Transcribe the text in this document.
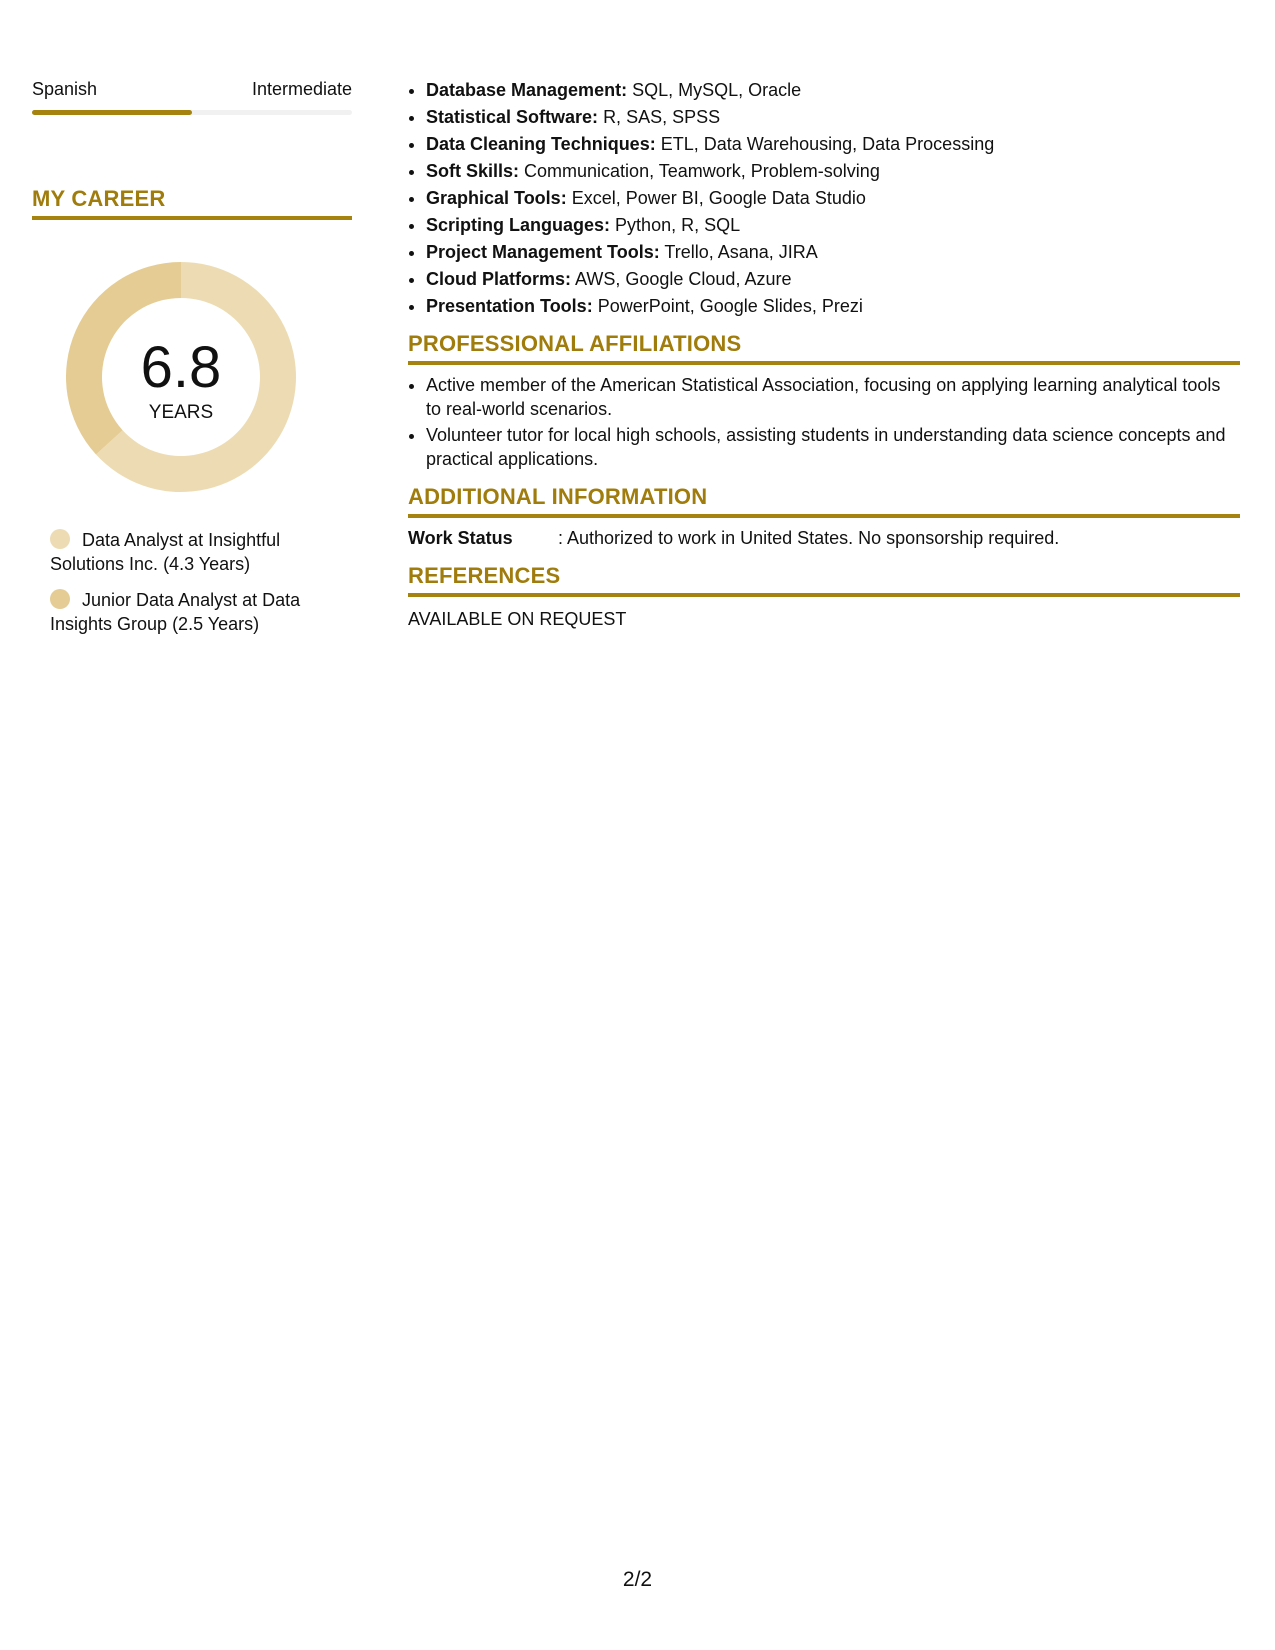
Spanish	Intermediate
MY CAREER
6.8
YEARS
Data Analyst at Insightful Solutions Inc. (4.3 Years)
Junior Data Analyst at Data Insights Group (2.5 Years)
• Database Management: SQL, MySQL, Oracle
• Statistical Software: R, SAS, SPSS
• Data Cleaning Techniques: ETL, Data Warehousing, Data Processing
• Soft Skills: Communication, Teamwork, Problem-solving
• Graphical Tools: Excel, Power BI, Google Data Studio
• Scripting Languages: Python, R, SQL
• Project Management Tools: Trello, Asana, JIRA
• Cloud Platforms: AWS, Google Cloud, Azure
• Presentation Tools: PowerPoint, Google Slides, Prezi
PROFESSIONAL AFFILIATIONS
• Active member of the American Statistical Association, focusing on applying learning analytical tools to real-world scenarios.
• Volunteer tutor for local high schools, assisting students in understanding data science concepts and practical applications.
ADDITIONAL INFORMATION
Work Status	: Authorized to work in United States. No sponsorship required.
REFERENCES
AVAILABLE ON REQUEST
2/2
